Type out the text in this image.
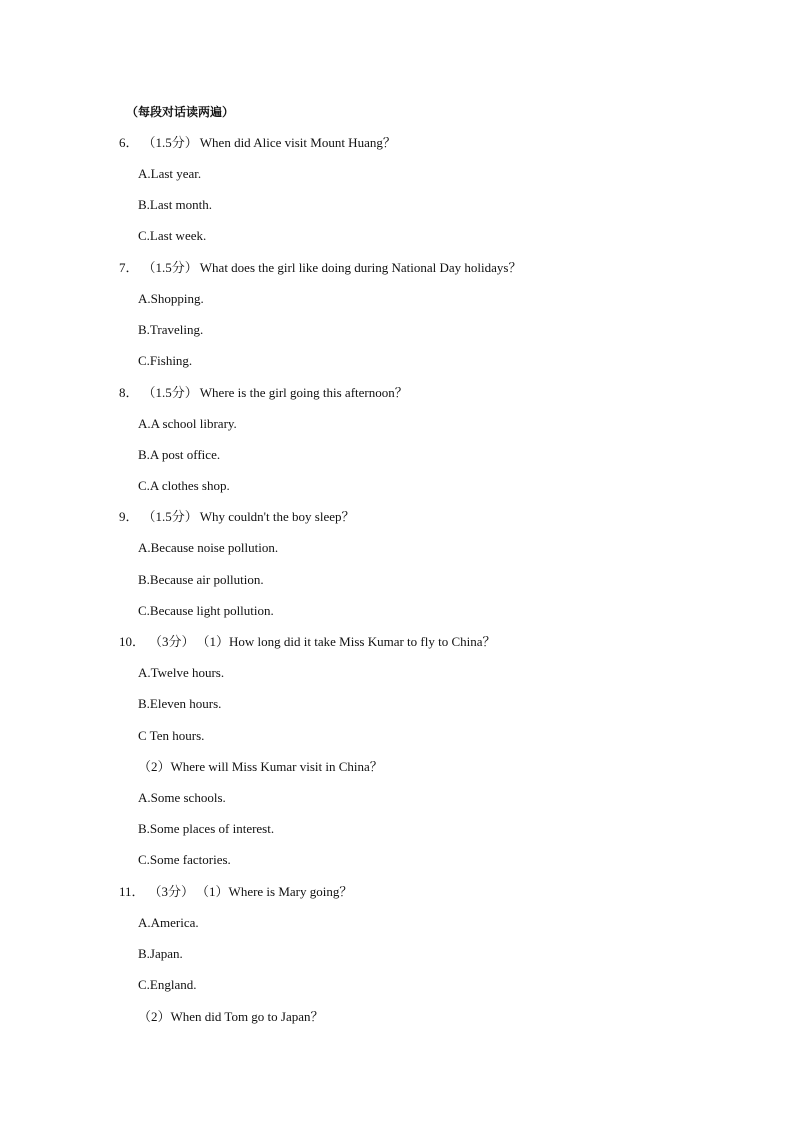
（每段对话读两遍）
6． （1.5分） When did Alice visit Mount Huang？
A.Last year.
B.Last month.
C.Last week.
7． （1.5分） What does the girl like doing during National Day holidays？
A.Shopping.
B.Traveling.
C.Fishing.
8． （1.5分） Where is the girl going this afternoon？
A.A school library.
B.A post office.
C.A clothes shop.
9． （1.5分） Why couldn't the boy sleep？
A.Because noise pollution.
B.Because air pollution.
C.Because light pollution.
10． （3分） （1）How long did it take Miss Kumar to fly to China？
A.Twelve hours.
B.Eleven hours.
C Ten hours.
（2）Where will Miss Kumar visit in China？
A.Some schools.
B.Some places of interest.
C.Some factories.
11． （3分） （1）Where is Mary going？
A.America.
B.Japan.
C.England.
（2）When did Tom go to Japan？
